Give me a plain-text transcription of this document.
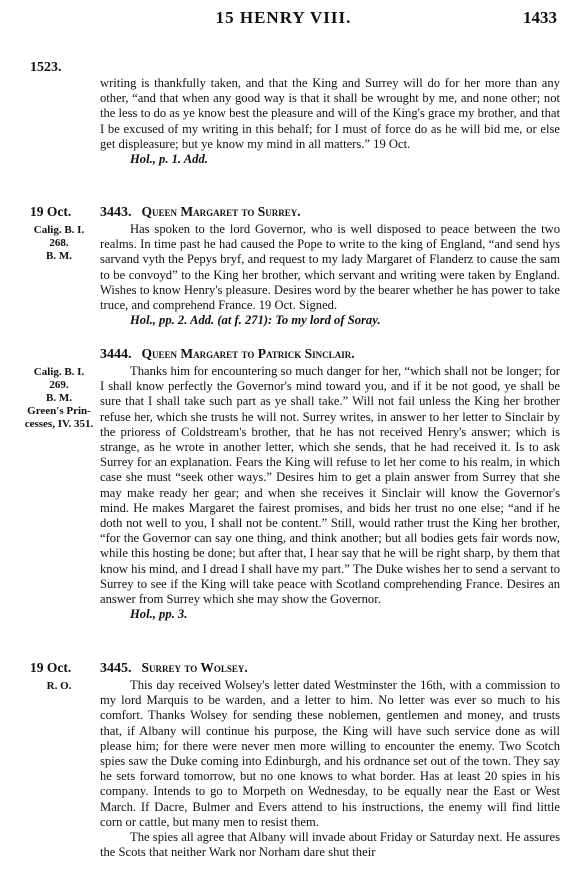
15 HENRY VIII.	1433
1523.

writing is thankfully taken, and that the King and Surrey will do for her more than any other, “and that when any good way is that it shall be wrought by me, and none other; not the less to do as ye know best the pleasure and will of the King's grace my brother, and that I be excused of my writing in this behalf; for I must of force do as he will bid me, or else get displeasure; but ye know my mind in all matters.” 19 Oct.

Hol., p. 1. Add.

19 Oct. 3443. Queen Margaret to Surrey.
Calig. B. I.
268.
B. M.

Has spoken to the lord Governor, who is well disposed to peace between the two realms. In time past he had caused the Pope to write to the king of England, “and send hys sarvand vyth the Pepys bryf, and request to my lady Margaret of Flanderz to cause the sam to be convoyd” to the King her brother, which servant and writing were taken by England. Wishes to know Henry's pleasure. Desires word by the bearer whether he has power to take truce, and comprehend France. 19 Oct. Signed.

Hol., pp. 2. Add. (at f. 271): To my lord of Soray.

3444. Queen Margaret to Patrick Sinclair.
Calig. B. I.
269.
B. M.
Green's Prin-
cesses, IV. 351.

Thanks him for encountering so much danger for her, “which shall not be longer; for I shall know perfectly the Governor's mind toward you, and if it be not good, ye shall be sure that I shall take such part as ye shall take.” Will not fail unless the King her brother refuse her, which she trusts he will not. Surrey writes, in answer to her letter to Sinclair by the prioress of Coldstream's brother, that he has not received Henry's answer; which is strange, as he wrote in another letter, which she sends, that he had received it. Is to ask Surrey for an explanation. Fears the King will refuse to let her come to his realm, in which case she must “seek other ways.” Desires him to get a plain answer from Surrey that she may make ready her gear; and when she receives it Sinclair will know the Governor's mind. He makes Margaret the fairest promises, and bids her trust no one else; “and if he doth not well to you, I shall not be content.” Still, would rather trust the King her brother, “for the Governor can say one thing, and think another; but all bodies gets fair words now, while this hosting be done; but after that, I hear say that he will be right sharp, by them that know his mind, and I dread I shall have my part.” The Duke wishes her to send a servant to Surrey to see if the King will take peace with Scotland comprehending France. Desires an answer from Surrey which she may show the Governor.

Hol., pp. 3.

19 Oct. 3445. Surrey to Wolsey.
R. O.	This day received Wolsey's letter dated Westminster the 16th, with a commission to my lord Marquis to be warden, and a letter to him. No letter was ever so much to his comfort. Thanks Wolsey for sending these noblemen, gentlemen and money, and trusts that, if Albany will continue his purpose, the King will have such service done as will please him; for there were never men more willing to encounter the enemy. Two Scotch spies saw the Duke coming into Edinburgh, and his ordnance set out of the town. They say he sets forward tomorrow, but no one knows to what border. Has at least 20 spies in his company. Intends to go to Morpeth on Wednesday, to be equally near the East or West March. If Dacre, Bulmer and Evers attend to his instructions, the enemy will find little corn or cattle, but many men to resist them.

The spies all agree that Albany will invade about Friday or Saturday next. He assures the Scots that neither Wark nor Norham dare shut their
